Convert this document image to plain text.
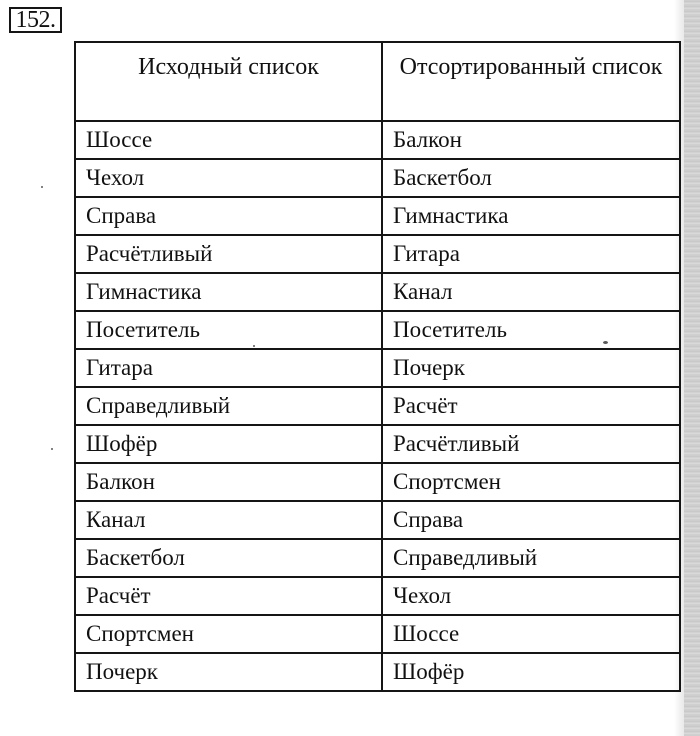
152.
Исходный список	Отсортированный список

Шоссе	Балкон
Чехол	Баскетбол
Справа	Гимнастика
Расчётливый	Гитара
Гимнастика	Канал
Посетитель	Посетитель
Гитара	Почерк
Справедливый	Расчёт
Шофёр	Расчётливый
Балкон	Спортсмен
Канал	Справа
Баскетбол	Справедливый
Расчёт	Чехол
Спортсмен	Шоссе
Почерк	Шофёр
